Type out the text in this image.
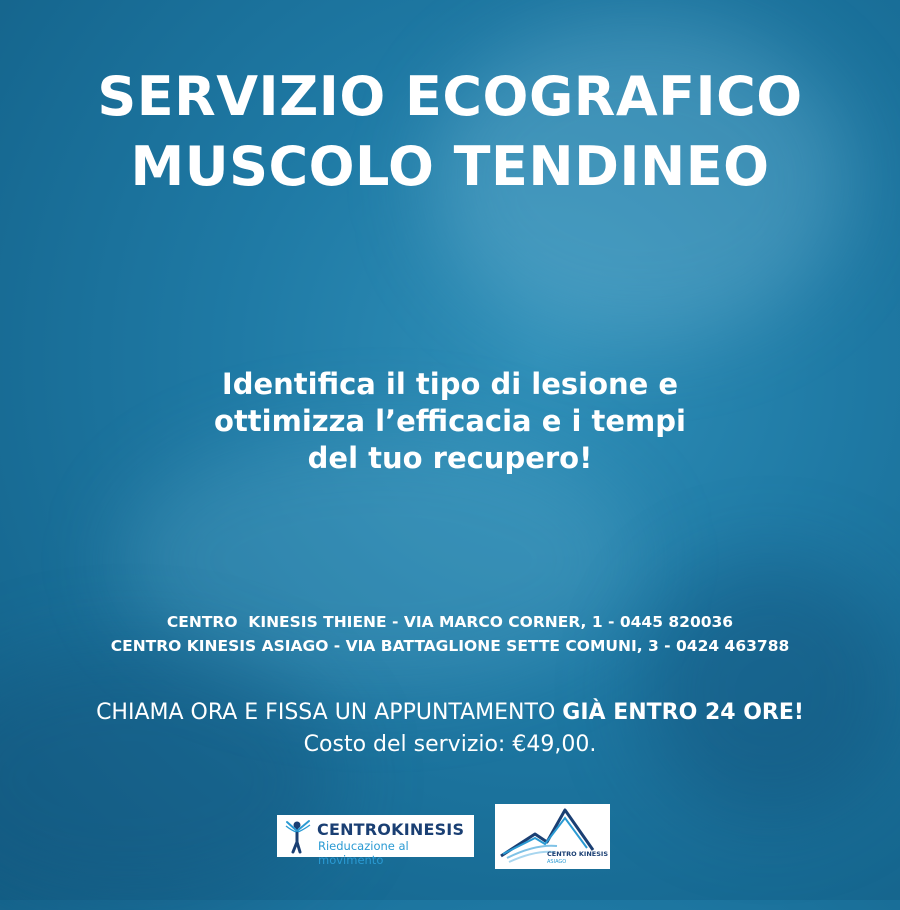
SERVIZIO ECOGRAFICO
MUSCOLO TENDINEO
Identifica il tipo di lesione e
ottimizza l’efficacia e i tempi
del tuo recupero!
CENTRO  KINESIS THIENE - VIA MARCO CORNER, 1 - 0445 820036
CENTRO KINESIS ASIAGO - VIA BATTAGLIONE SETTE COMUNI, 3 - 0424 463788
CHIAMA ORA E FISSA UN APPUNTAMENTO GIÀ ENTRO 24 ORE!
Costo del servizio: €49,00.
CENTROKINESIS
Rieducazione al movimento	CENTRO KINESIS
ASIAGO
